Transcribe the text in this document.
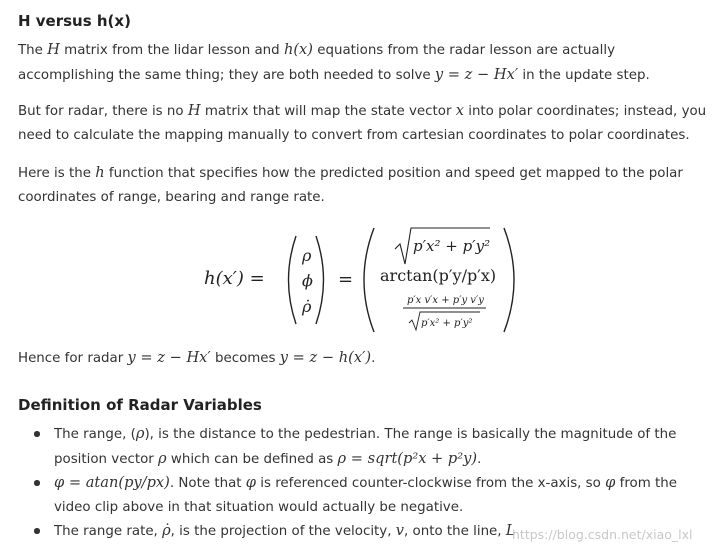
H versus h(x)
The H matrix from the lidar lesson and h(x) equations from the radar lesson are actually accomplishing the same thing; they are both needed to solve y = z − Hx′ in the update step.
But for radar, there is no H matrix that will map the state vector x into polar coordinates; instead, you need to calculate the mapping manually to convert from cartesian coordinates to polar coordinates.
Here is the h function that specifies how the predicted position and speed get mapped to the polar coordinates of range, bearing and range rate.
h(x′) =
ρ
ϕ
ρ̇
=
p′x² + p′y²
arctan(p′y/p′x)
p′x v′x + p′y v′y
p′x² + p′y²
Hence for radar y = z − Hx′ becomes y = z − h(x′).
Definition of Radar Variables
The range, (ρ), is the distance to the pedestrian. The range is basically the magnitude of the position vector ρ which can be defined as ρ = sqrt(p²x + p²y).
φ = atan(py/px). Note that φ is referenced counter-clockwise from the x-axis, so φ from the video clip above in that situation would actually be negative.
The range rate, ρ̇, is the projection of the velocity, v, onto the line, L
https://blog.csdn.net/xiao_lxl
